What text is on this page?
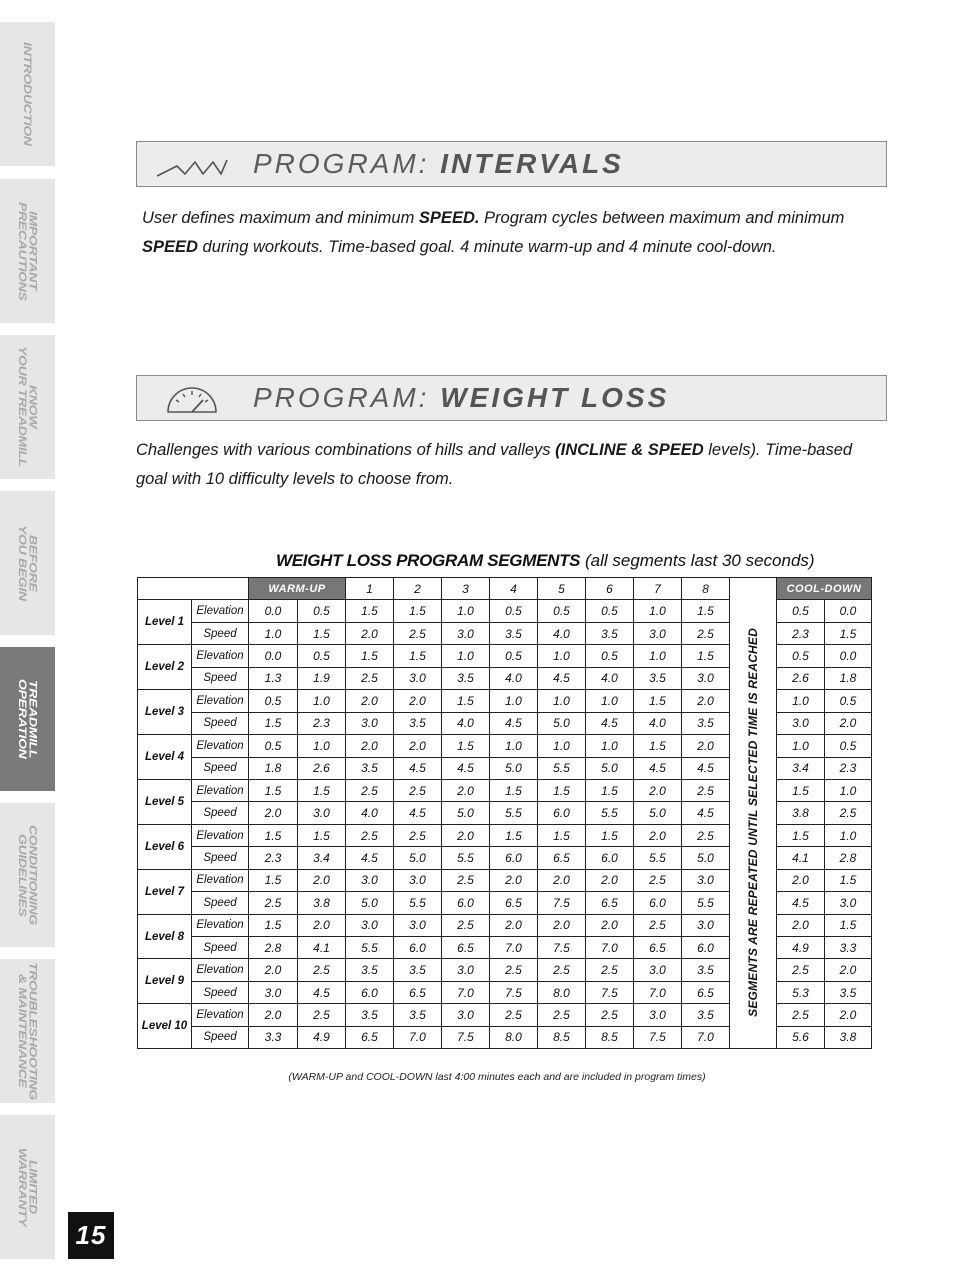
INTRODUCTION
IMPORTANT
PRECAUTIONS
KNOW
YOUR TREADMILL
BEFORE
YOU BEGIN
TREADMILL
OPERATION
CONDITIONING
GUIDELINES
TROUBLESHOOTING
& MAINTENANCE
LIMITED
WARRANTY
15
PROGRAM: INTERVALS
User defines maximum and minimum SPEED. Program cycles between maximum and minimum SPEED during workouts. Time-based goal. 4 minute warm-up and 4 minute cool-down.
PROGRAM: WEIGHT LOSS
Challenges with various combinations of hills and valleys (INCLINE & SPEED levels). Time-based goal with 10 difficulty levels to choose from.
WEIGHT LOSS PROGRAM SEGMENTS (all segments last 30 seconds)
		WARM-UP		1	2	3	4	5	6	7	8		COOL-DOWN	
Level 1	Elevation	0.0	0.5	1.5	1.5	1.0	0.5	0.5	0.5	1.0	1.5	SEGMENTS ARE REPEATED UNTIL SELECTED TIME IS REACHED	0.5	0.0
	Speed	1.0	1.5	2.0	2.5	3.0	3.5	4.0	3.5	3.0	2.5		2.3	1.5
Level 2	Elevation	0.0	0.5	1.5	1.5	1.0	0.5	1.0	0.5	1.0	1.5		0.5	0.0
	Speed	1.3	1.9	2.5	3.0	3.5	4.0	4.5	4.0	3.5	3.0		2.6	1.8
Level 3	Elevation	0.5	1.0	2.0	2.0	1.5	1.0	1.0	1.0	1.5	2.0		1.0	0.5
	Speed	1.5	2.3	3.0	3.5	4.0	4.5	5.0	4.5	4.0	3.5		3.0	2.0
Level 4	Elevation	0.5	1.0	2.0	2.0	1.5	1.0	1.0	1.0	1.5	2.0		1.0	0.5
	Speed	1.8	2.6	3.5	4.5	4.5	5.0	5.5	5.0	4.5	4.5		3.4	2.3
Level 5	Elevation	1.5	1.5	2.5	2.5	2.0	1.5	1.5	1.5	2.0	2.5		1.5	1.0
	Speed	2.0	3.0	4.0	4.5	5.0	5.5	6.0	5.5	5.0	4.5		3.8	2.5
Level 6	Elevation	1.5	1.5	2.5	2.5	2.0	1.5	1.5	1.5	2.0	2.5		1.5	1.0
	Speed	2.3	3.4	4.5	5.0	5.5	6.0	6.5	6.0	5.5	5.0		4.1	2.8
Level 7	Elevation	1.5	2.0	3.0	3.0	2.5	2.0	2.0	2.0	2.5	3.0		2.0	1.5
	Speed	2.5	3.8	5.0	5.5	6.0	6.5	7.5	6.5	6.0	5.5		4.5	3.0
Level 8	Elevation	1.5	2.0	3.0	3.0	2.5	2.0	2.0	2.0	2.5	3.0		2.0	1.5
	Speed	2.8	4.1	5.5	6.0	6.5	7.0	7.5	7.0	6.5	6.0		4.9	3.3
Level 9	Elevation	2.0	2.5	3.5	3.5	3.0	2.5	2.5	2.5	3.0	3.5		2.5	2.0
	Speed	3.0	4.5	6.0	6.5	7.0	7.5	8.0	7.5	7.0	6.5		5.3	3.5
Level 10	Elevation	2.0	2.5	3.5	3.5	3.0	2.5	2.5	2.5	3.0	3.5		2.5	2.0
	Speed	3.3	4.9	6.5	7.0	7.5	8.0	8.5	8.5	7.5	7.0		5.6	3.8
(WARM-UP and COOL-DOWN last 4:00 minutes each and are included in program times)
